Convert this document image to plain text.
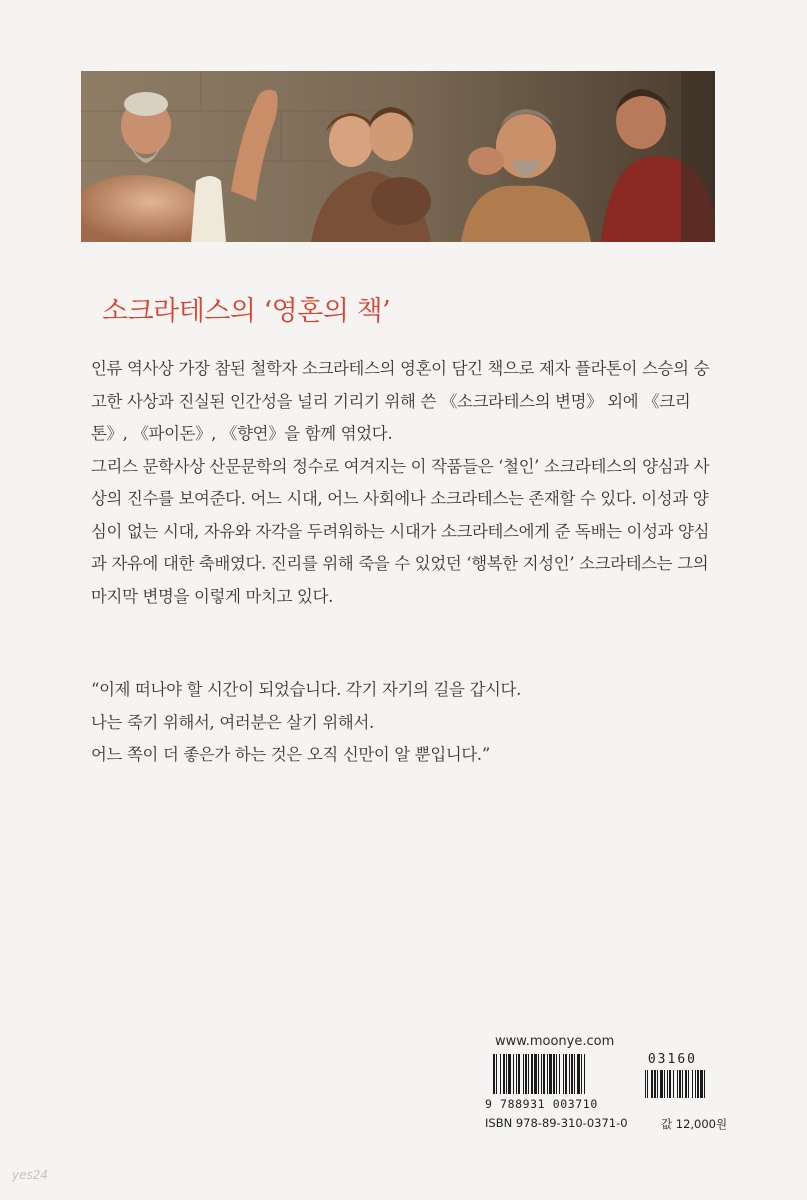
소크라테스의 ‘영혼의 책’

인류 역사상 가장 참된 철학자 소크라테스의 영혼이 담긴 책으로 제자 플라톤이 스승의 숭고한 사상과 진실된 인간성을 널리 기리기 위해 쓴 《소크라테스의 변명》 외에 《크리톤》, 《파이돈》, 《향연》을 함께 엮었다.

그리스 문학사상 산문문학의 정수로 여겨지는 이 작품들은 ‘철인’ 소크라테스의 양심과 사상의 진수를 보여준다. 어느 시대, 어느 사회에나 소크라테스는 존재할 수 있다. 이성과 양심이 없는 시대, 자유와 자각을 두려워하는 시대가 소크라테스에게 준 독배는 이성과 양심과 자유에 대한 축배였다. 진리를 위해 죽을 수 있었던 ‘행복한 지성인’ 소크라테스는 그의 마지막 변명을 이렇게 마치고 있다.

“이제 떠나야 할 시간이 되었습니다. 각기 자기의 길을 갑시다.

나는 죽기 위해서, 여러분은 살기 위해서.

어느 쪽이 더 좋은가 하는 것은 오직 신만이 알 뿐입니다.”

www.moonye.com
03160
9 788931 003710
ISBN 978-89-310-0371-0	값 12,000원
yes24
